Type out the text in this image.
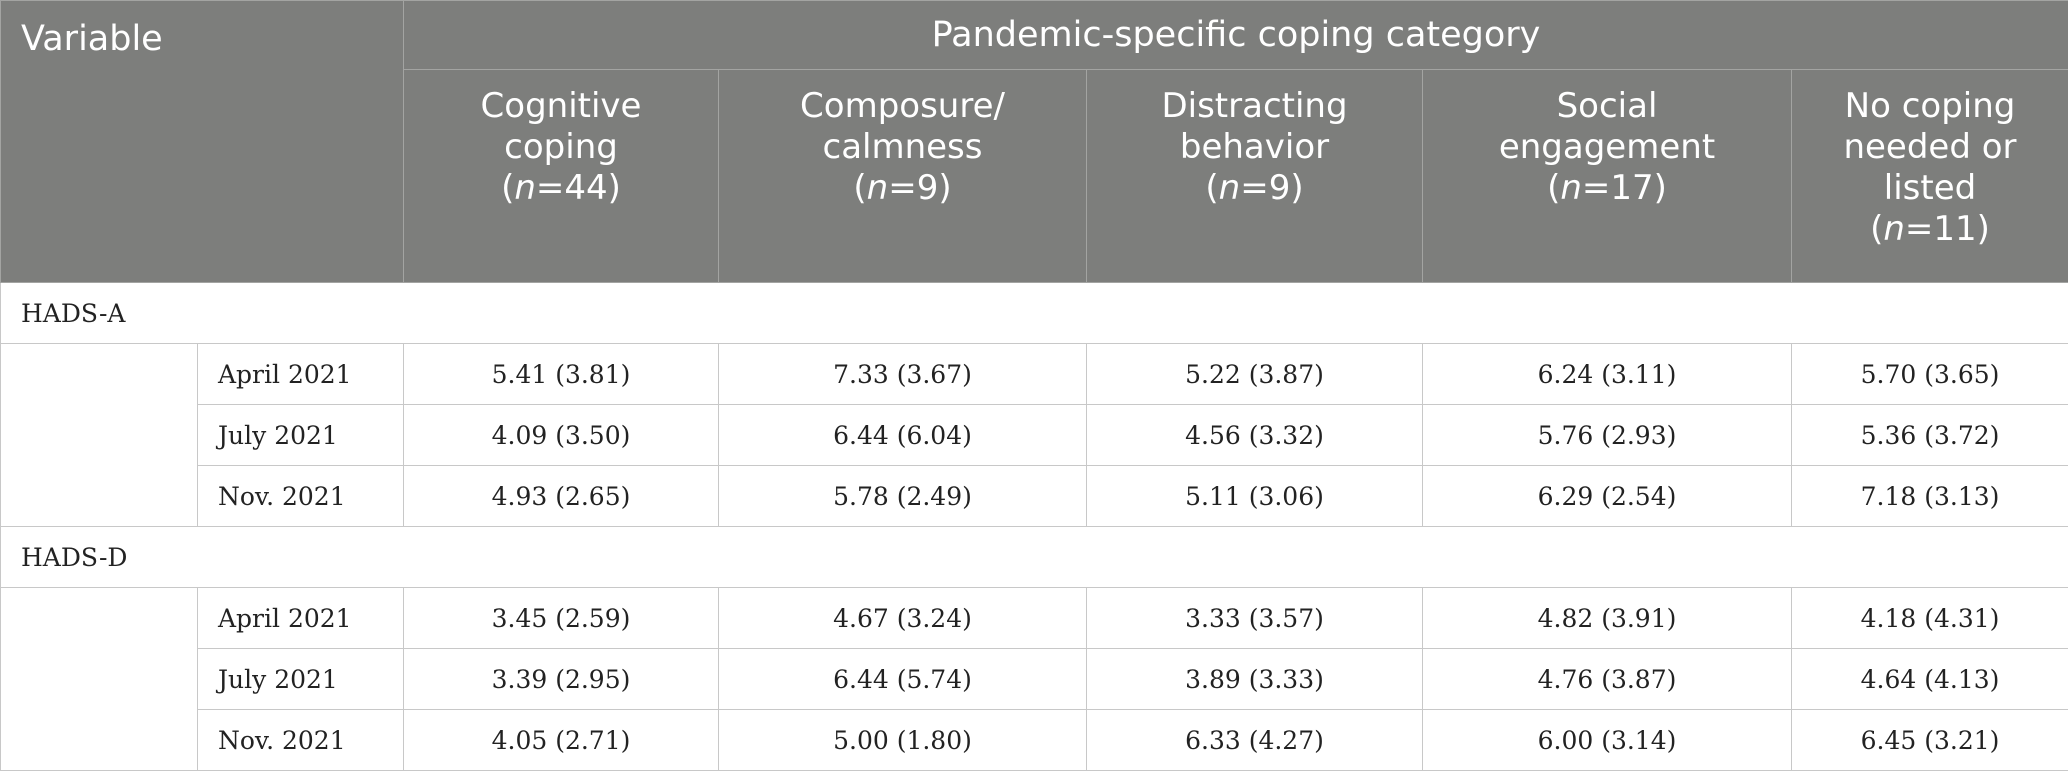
Variable		Pandemic-specific coping category				
		Cognitive
coping
(n=44)	Composure/
calmness
(n=9)	Distracting
behavior
(n=9)	Social
engagement
(n=17)	No coping
needed or
listed
(n=11)
HADS-A						
	April 2021	5.41 (3.81)	7.33 (3.67)	5.22 (3.87)	6.24 (3.11)	5.70 (3.65)
	July 2021	4.09 (3.50)	6.44 (6.04)	4.56 (3.32)	5.76 (2.93)	5.36 (3.72)
	Nov. 2021	4.93 (2.65)	5.78 (2.49)	5.11 (3.06)	6.29 (2.54)	7.18 (3.13)
HADS-D						
	April 2021	3.45 (2.59)	4.67 (3.24)	3.33 (3.57)	4.82 (3.91)	4.18 (4.31)
	July 2021	3.39 (2.95)	6.44 (5.74)	3.89 (3.33)	4.76 (3.87)	4.64 (4.13)
	Nov. 2021	4.05 (2.71)	5.00 (1.80)	6.33 (4.27)	6.00 (3.14)	6.45 (3.21)
